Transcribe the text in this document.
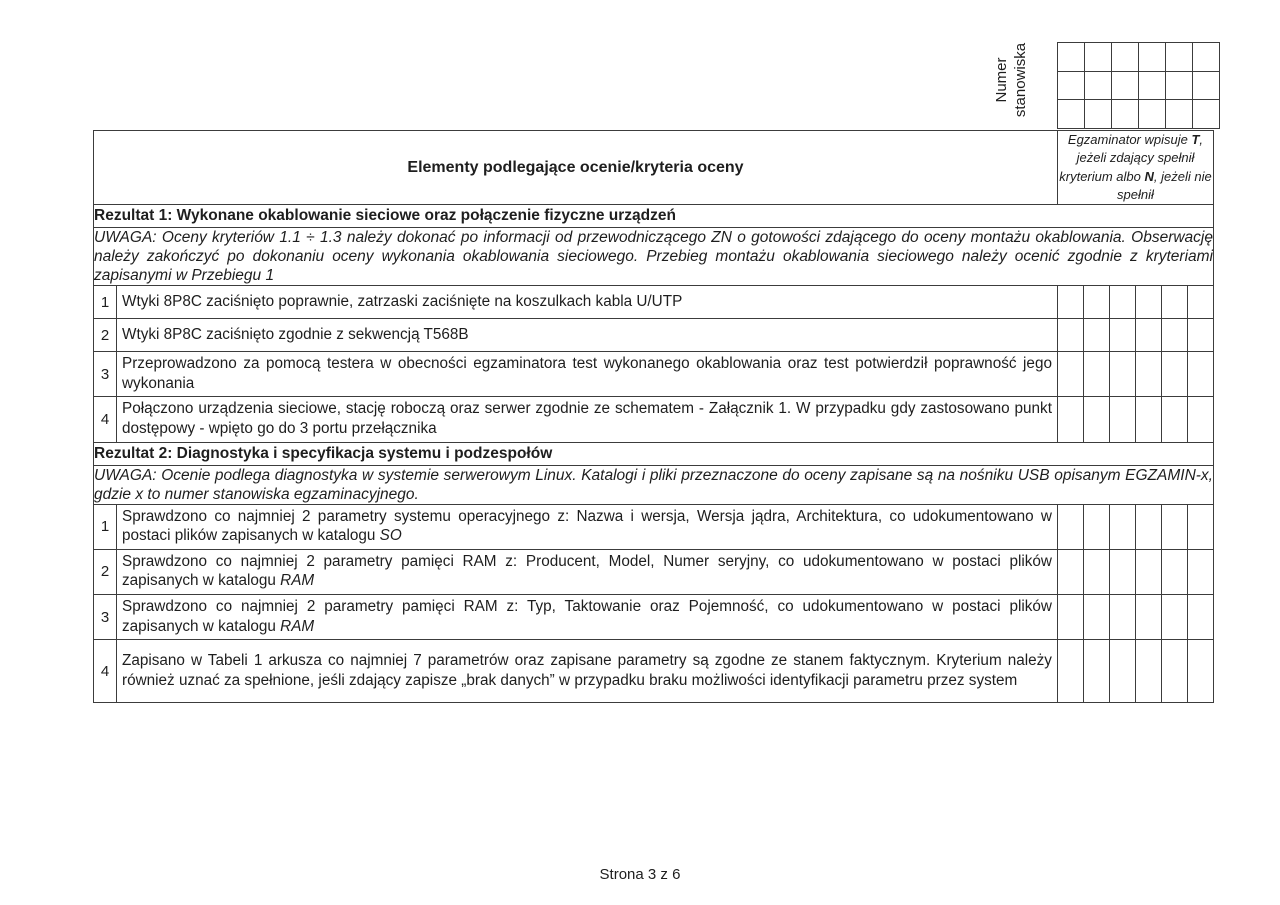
Numer stanowiska

Elementy podlegające ocenie/kryteria oceny		Egzaminator wpisuje T, jeżeli zdający spełnił kryterium albo N, jeżeli nie spełnił					
Rezultat 1: Wykonane okablowanie sieciowe oraz połączenie fizyczne urządzeń							
UWAGA: Oceny kryteriów 1.1 ÷ 1.3 należy dokonać po informacji od przewodniczącego ZN o gotowości zdającego do oceny montażu okablowania. Obserwację należy zakończyć po dokonaniu oceny wykonania okablowania sieciowego. Przebieg montażu okablowania sieciowego należy ocenić zgodnie z kryteriami zapisanymi w Przebiegu 1							
1	Wtyki 8P8C zaciśnięto poprawnie, zatrzaski zaciśnięte na koszulkach kabla U/UTP						
2	Wtyki 8P8C zaciśnięto zgodnie z sekwencją T568B						
3	Przeprowadzono za pomocą testera w obecności egzaminatora test wykonanego okablowania oraz test potwierdził poprawność jego wykonania						
4	Połączono urządzenia sieciowe, stację roboczą oraz serwer zgodnie ze schematem - Załącznik 1. W przypadku gdy zastosowano punkt dostępowy - wpięto go do 3 portu przełącznika						
Rezultat 2: Diagnostyka i specyfikacja systemu i podzespołów							
UWAGA: Ocenie podlega diagnostyka w systemie serwerowym Linux. Katalogi i pliki przeznaczone do oceny zapisane są na nośniku USB opisanym EGZAMIN-x, gdzie x to numer stanowiska egzaminacyjnego.							
1	Sprawdzono co najmniej 2 parametry systemu operacyjnego z: Nazwa i wersja, Wersja jądra, Architektura, co udokumentowano w postaci plików zapisanych w katalogu SO						
2	Sprawdzono co najmniej 2 parametry pamięci RAM z: Producent, Model, Numer seryjny, co udokumentowano w postaci plików zapisanych w katalogu RAM						
3	Sprawdzono co najmniej 2 parametry pamięci RAM z: Typ, Taktowanie oraz Pojemność, co udokumentowano w postaci plików zapisanych w katalogu RAM						
4	Zapisano w Tabeli 1 arkusza co najmniej 7 parametrów oraz zapisane parametry są zgodne ze stanem faktycznym. Kryterium należy również uznać za spełnione, jeśli zdający zapisze „brak danych” w przypadku braku możliwości identyfikacji parametru przez system						
Strona 3 z 6
